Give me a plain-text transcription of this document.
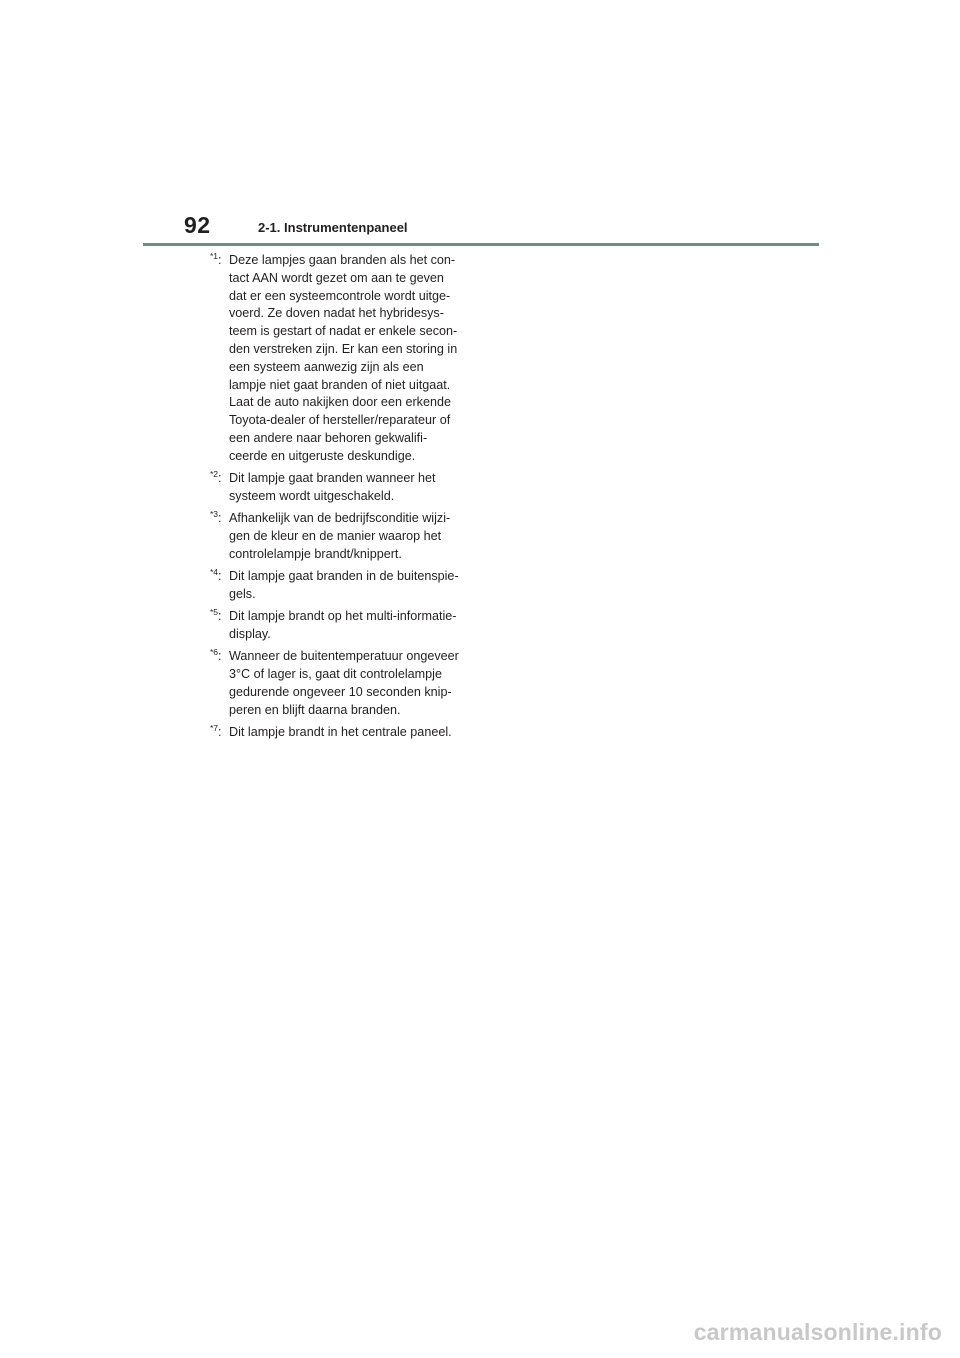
92	2-1. Instrumentenpaneel
$^{*1}$: Deze lampjes gaan branden als het con-
tact AAN wordt gezet om aan te geven
dat er een systeemcontrole wordt uitge-
voerd. Ze doven nadat het hybridesys-
teem is gestart of nadat er enkele secon-
den verstreken zijn. Er kan een storing in
een systeem aanwezig zijn als een
lampje niet gaat branden of niet uitgaat.
Laat de auto nakijken door een erkende
Toyota-dealer of hersteller/reparateur of
een andere naar behoren gekwalifi-
ceerde en uitgeruste deskundige.
$^{*2}$: Dit lampje gaat branden wanneer het
systeem wordt uitgeschakeld.
$^{*3}$: Afhankelijk van de bedrijfsconditie wijzi-
gen de kleur en de manier waarop het
controlelampje brandt/knippert.
$^{*4}$: Dit lampje gaat branden in de buitenspie-
gels.
$^{*5}$: Dit lampje brandt op het multi-informatie-
display.
$^{*6}$: Wanneer de buitentemperatuur ongeveer
3°C of lager is, gaat dit controlelampje
gedurende ongeveer 10 seconden knip-
peren en blijft daarna branden.
$^{*7}$: Dit lampje brandt in het centrale paneel.
carmanualsonline.info
